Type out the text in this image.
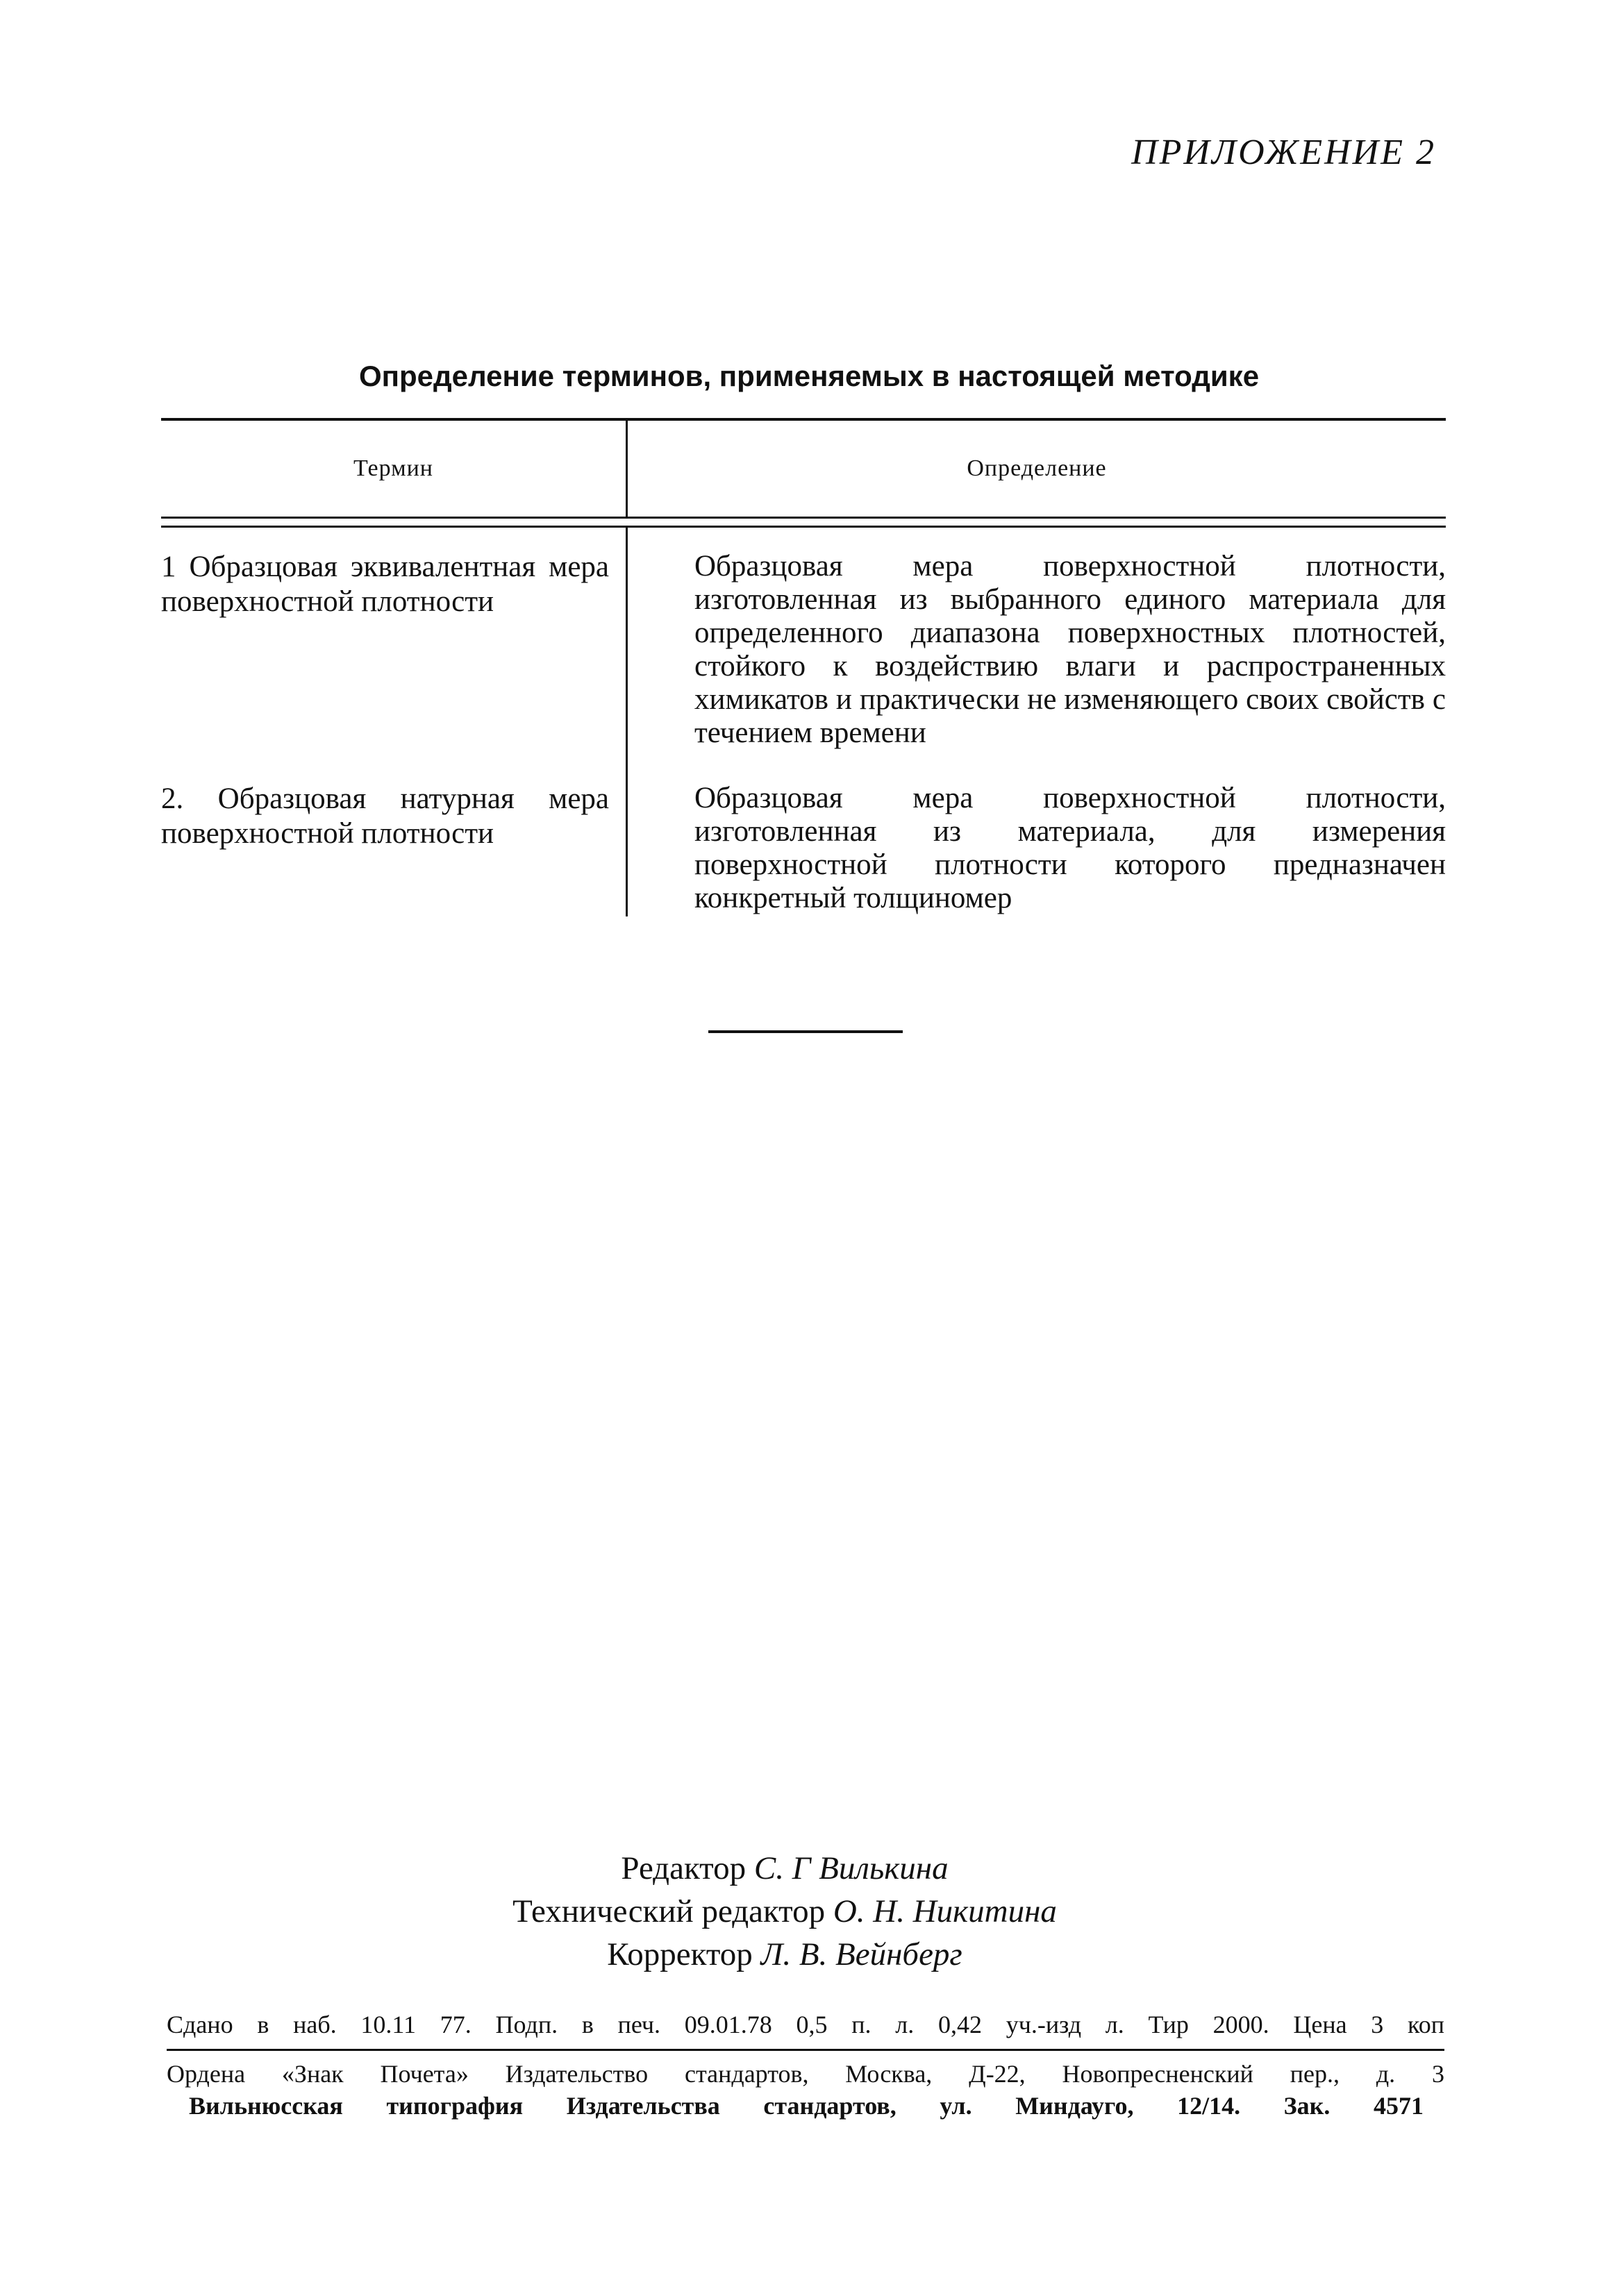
ПРИЛОЖЕНИЕ 2

Определение терминов, применяемых в настоящей методике
Термин	Определение
1 Образцовая эквивалентная мера поверхностной плотности
Образцовая мера поверхностной плотности, изготовленная из выбранного единого материала для определенного диапазона поверхностных плотностей, стойкого к воздействию влаги и распространенных химикатов и практически не изменяющего своих свойств с течением времени
2. Образцовая натурная мера поверхностной плотности
Образцовая мера поверхностной плотности, изготовленная из материала, для измерения поверхностной плотности которого предназначен конкретный толщиномер
Редактор С. Г Вилькина
Технический редактор О. Н. Никитина
Корректор Л. В. Вейнберг
Сдано в наб. 10.11 77. Подп. в печ. 09.01.78 0,5 п. л. 0,42 уч.-изд л. Тир 2000. Цена 3 коп
Ордена «Знак Почета» Издательство стандартов, Москва, Д-22, Новопресненский пер., д. 3
Вильнюсская типография Издательства стандартов, ул. Миндауго, 12/14. Зак. 4571
